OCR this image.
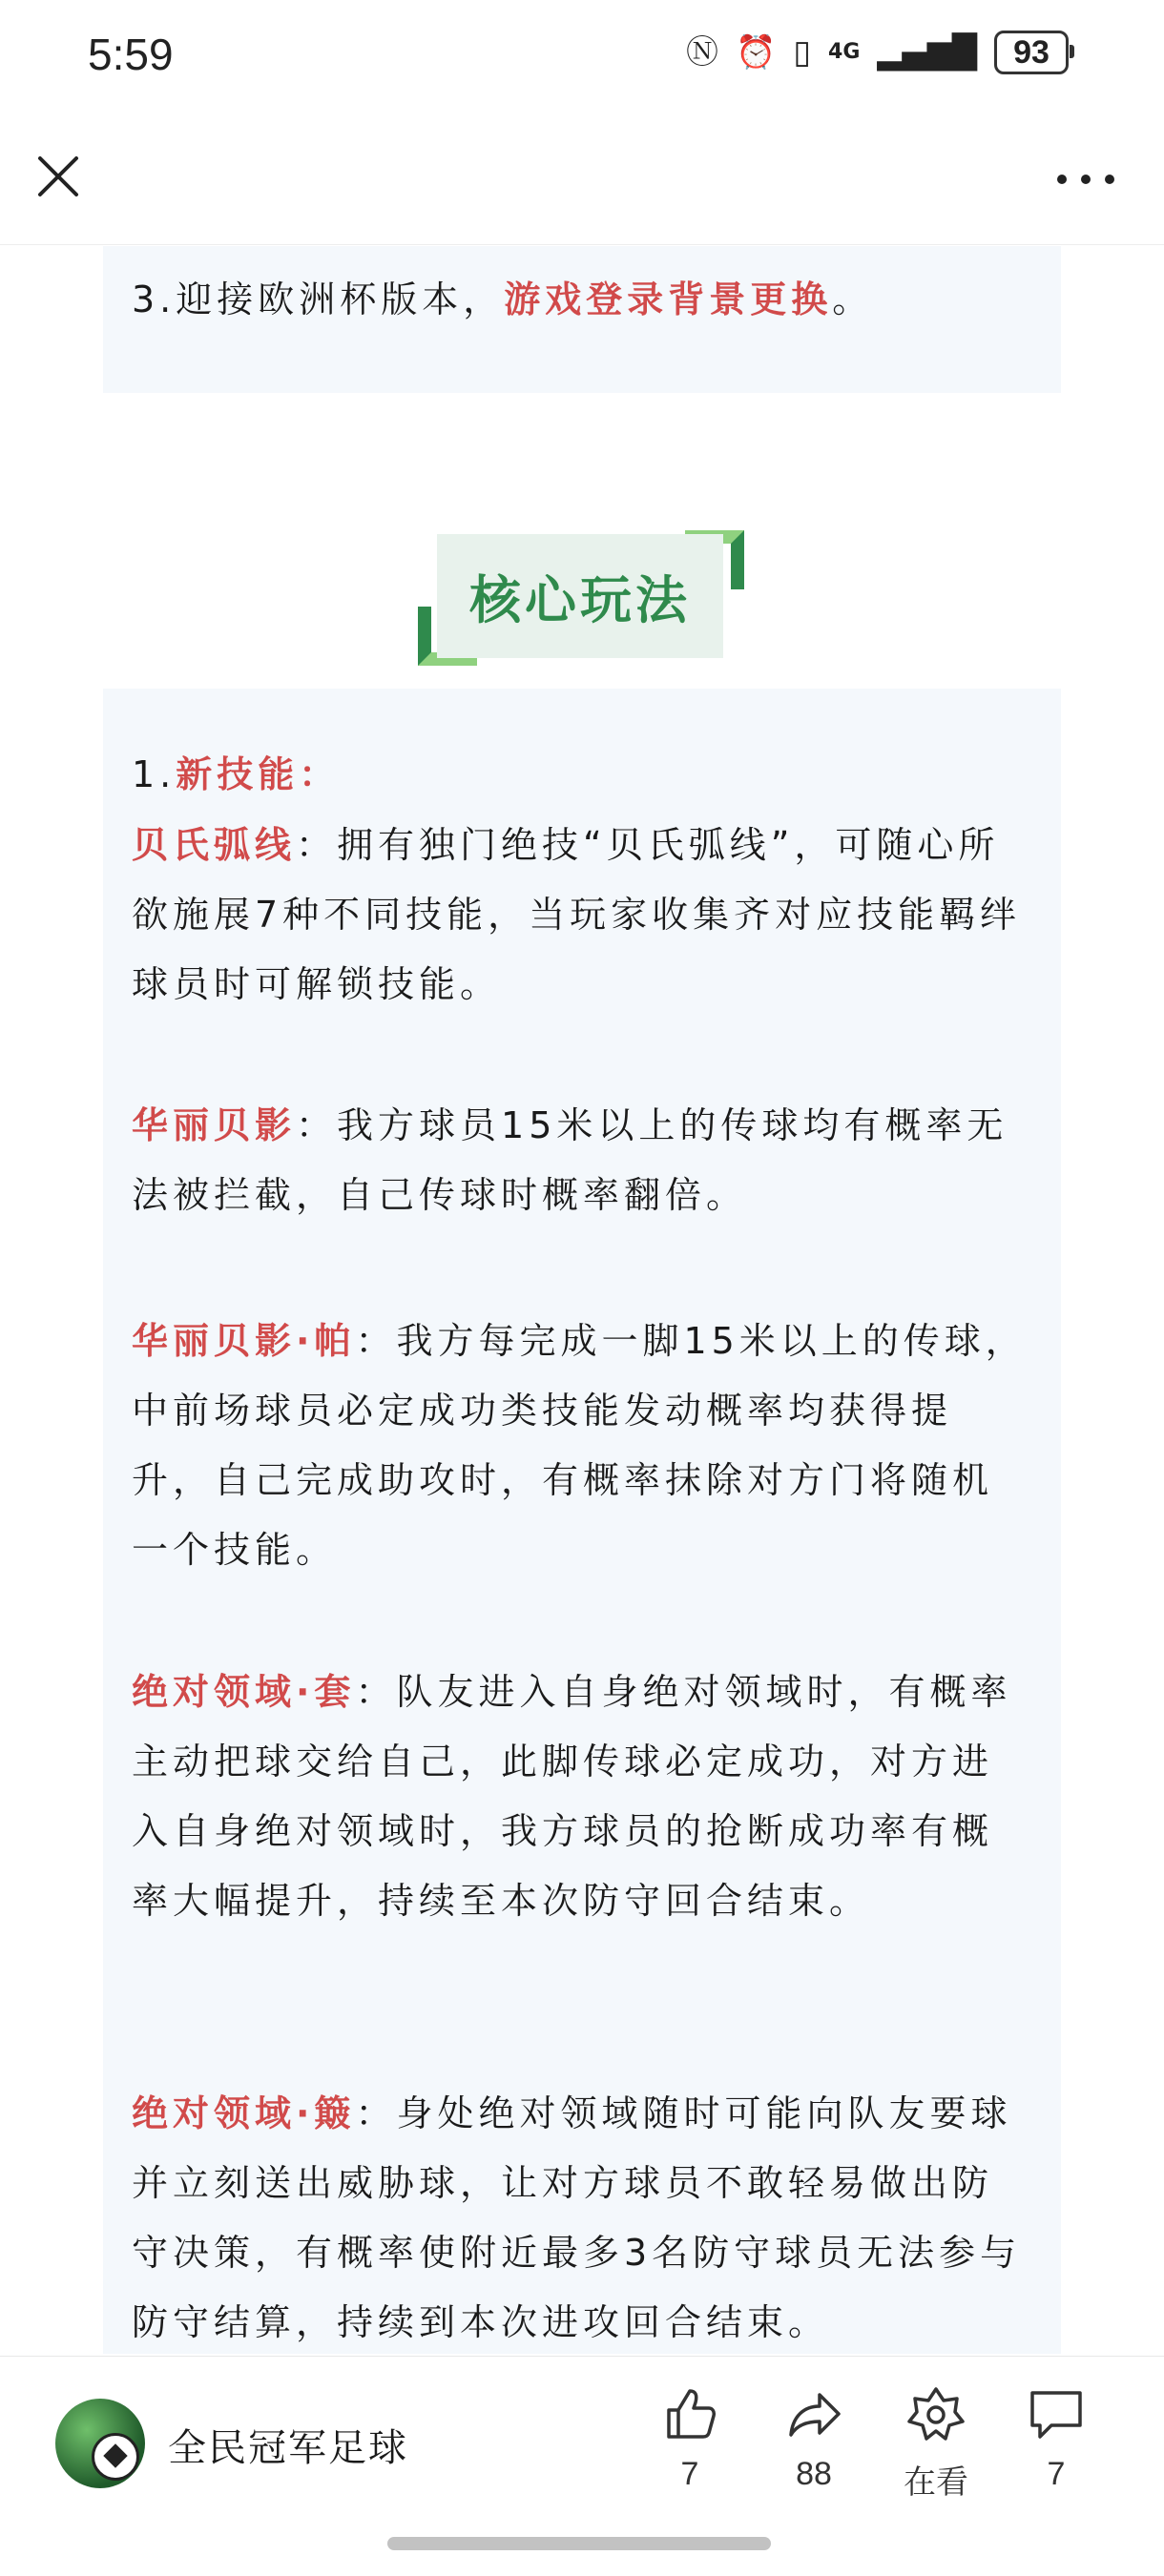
5:59	Ⓝ ⏰ ▯ 4G ▂▄▆█ 93
3.迎接欧洲杯版本，游戏登录背景更换。
核心玩法
1.新技能：
贝氏弧线：拥有独门绝技“贝氏弧线”，可随心所欲施展7种不同技能，当玩家收集齐对应技能羁绊球员时可解锁技能。
华丽贝影：我方球员15米以上的传球均有概率无法被拦截，自己传球时概率翻倍。
华丽贝影·帕：我方每完成一脚15米以上的传球，中前场球员必定成功类技能发动概率均获得提升，自己完成助攻时，有概率抹除对方门将随机一个技能。
绝对领域·套：队友进入自身绝对领域时，有概率主动把球交给自己，此脚传球必定成功，对方进入自身绝对领域时，我方球员的抢断成功率有概率大幅提升，持续至本次防守回合结束。
绝对领域·簸：身处绝对领域随时可能向队友要球并立刻送出威胁球，让对方球员不敢轻易做出防守决策，有概率使附近最多3名防守球员无法参与防守结算，持续到本次进攻回合结束。
全民冠军足球
7	88	在看	7
